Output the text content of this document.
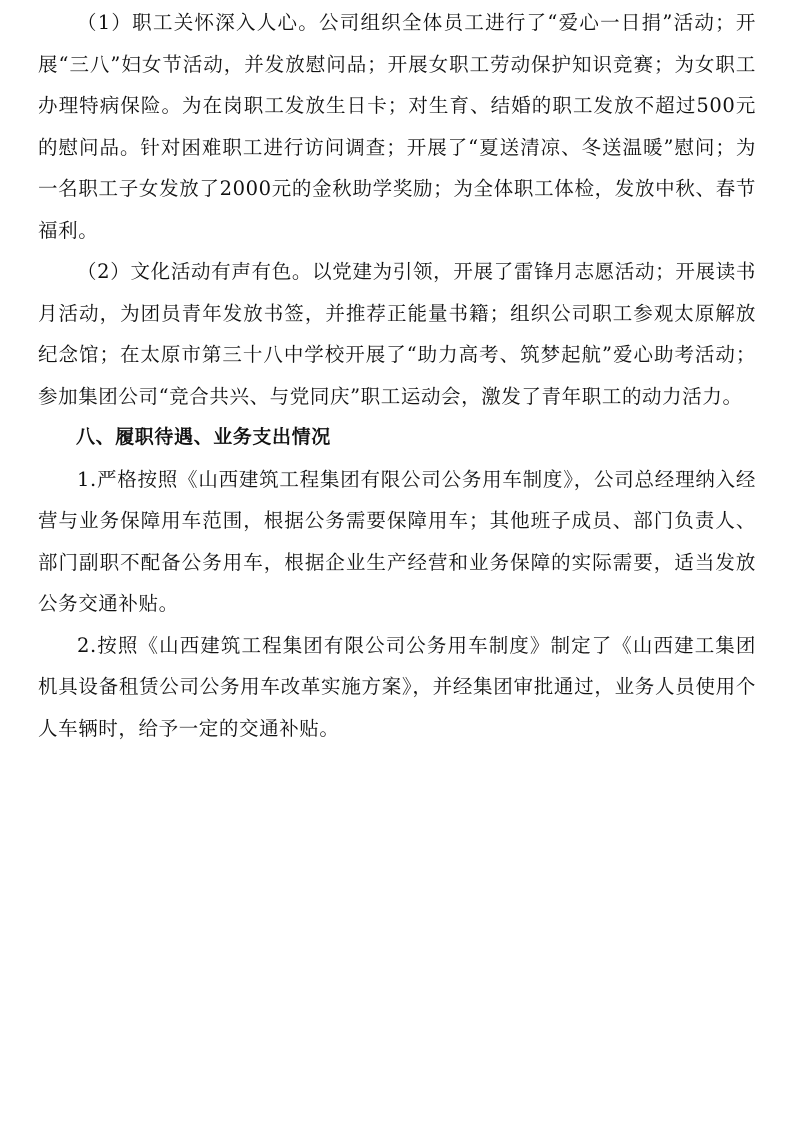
（1）职工关怀深入人心。公司组织全体员工进行了“爱心一日捐”活动；开展“三八”妇女节活动，并发放慰问品；开展女职工劳动保护知识竞赛；为女职工办理特病保险。为在岗职工发放生日卡；对生育、结婚的职工发放不超过500元的慰问品。针对困难职工进行访问调查；开展了“夏送清凉、冬送温暖”慰问；为一名职工子女发放了2000元的金秋助学奖励；为全体职工体检，发放中秋、春节福利。

（2）文化活动有声有色。以党建为引领，开展了雷锋月志愿活动；开展读书月活动，为团员青年发放书签，并推荐正能量书籍；组织公司职工参观太原解放纪念馆；在太原市第三十八中学校开展了“助力高考、筑梦起航”爱心助考活动；参加集团公司“竞合共兴、与党同庆”职工运动会，激发了青年职工的动力活力。

八、履职待遇、业务支出情况

1.严格按照《山西建筑工程集团有限公司公务用车制度》，公司总经理纳入经营与业务保障用车范围，根据公务需要保障用车；其他班子成员、部门负责人、部门副职不配备公务用车，根据企业生产经营和业务保障的实际需要，适当发放公务交通补贴。

2.按照《山西建筑工程集团有限公司公务用车制度》制定了《山西建工集团机具设备租赁公司公务用车改革实施方案》，并经集团审批通过，业务人员使用个人车辆时，给予一定的交通补贴。
